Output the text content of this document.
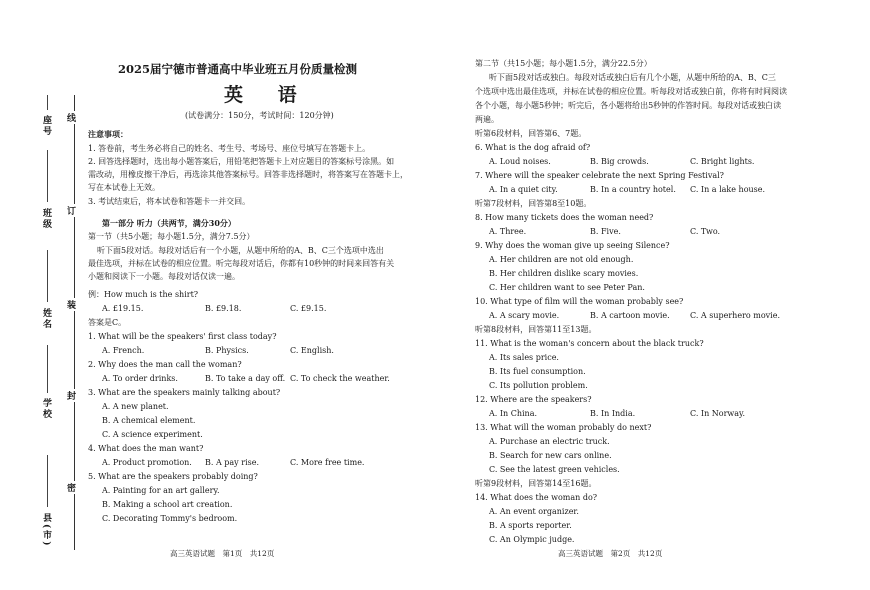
座号
班级
姓名
学校
县(市)
线
订
装
封
密
2025届宁德市普通高中毕业班五月份质量检测
英 语
(试卷满分：150分，考试时间：120分钟)
注意事项：
1. 答卷前，考生务必将自己的姓名、考生号、考场号、座位号填写在答题卡上。
2. 回答选择题时，选出每小题答案后，用铅笔把答题卡上对应题目的答案标号涂黑。如
需改动，用橡皮擦干净后，再选涂其他答案标号。回答非选择题时，将答案写在答题卡上，
写在本试卷上无效。
3. 考试结束后，将本试卷和答题卡一并交回。
第一部分 听力（共两节，满分30分）
第一节（共5小题；每小题1.5分，满分7.5分）
听下面5段对话。每段对话后有一个小题，从题中所给的A、B、C三个选项中选出
最佳选项，并标在试卷的相应位置。听完每段对话后，你都有10秒钟的时间来回答有关
小题和阅读下一小题。每段对话仅读一遍。
例：How much is the shirt?
A. £19.15.	B. £9.18.	C. £9.15.
答案是C。
1. What will be the speakers' first class today?
A. French.	B. Physics.	C. English.
2. Why does the man call the woman?
A. To order drinks.	B. To take a day off. C. To check the weather.
3. What are the speakers mainly talking about?
A. A new planet.
B. A chemical element.
C. A science experiment.
4. What does the man want?
A. Product promotion. B. A pay rise.	C. More free time.
5. What are the speakers probably doing?
A. Painting for an art gallery.
B. Making a school art creation.
C. Decorating Tommy's bedroom.
高三英语试题　第1页　共12页
第二节（共15小题；每小题1.5分，满分22.5分）
听下面5段对话或独白。每段对话或独白后有几个小题，从题中所给的A、B、C三
个选项中选出最佳选项，并标在试卷的相应位置。听每段对话或独白前，你将有时间阅读
各个小题，每小题5秒钟；听完后，各小题将给出5秒钟的作答时间。每段对话或独白读
两遍。
听第6段材料，回答第6、7题。
6. What is the dog afraid of?
A. Loud noises.	B. Big crowds.	C. Bright lights.
7. Where will the speaker celebrate the next Spring Festival?
A. In a quiet city.	B. In a country hotel. C. In a lake house.
听第7段材料，回答第8至10题。
8. How many tickets does the woman need?
A. Three.	B. Five.	C. Two.
9. Why does the woman give up seeing Silence?
A. Her children are not old enough.
B. Her children dislike scary movies.
C. Her children want to see Peter Pan.
10. What type of film will the woman probably see?
A. A scary movie.	B. A cartoon movie.	C. A superhero movie.
听第8段材料，回答第11至13题。
11. What is the woman's concern about the black truck?
A. Its sales price.
B. Its fuel consumption.
C. Its pollution problem.
12. Where are the speakers?
A. In China.	B. In India.	C. In Norway.
13. What will the woman probably do next?
A. Purchase an electric truck.
B. Search for new cars online.
C. See the latest green vehicles.
听第9段材料，回答第14至16题。
14. What does the woman do?
A. An event organizer.
B. A sports reporter.
C. An Olympic judge.
高三英语试题　第2页　共12页
